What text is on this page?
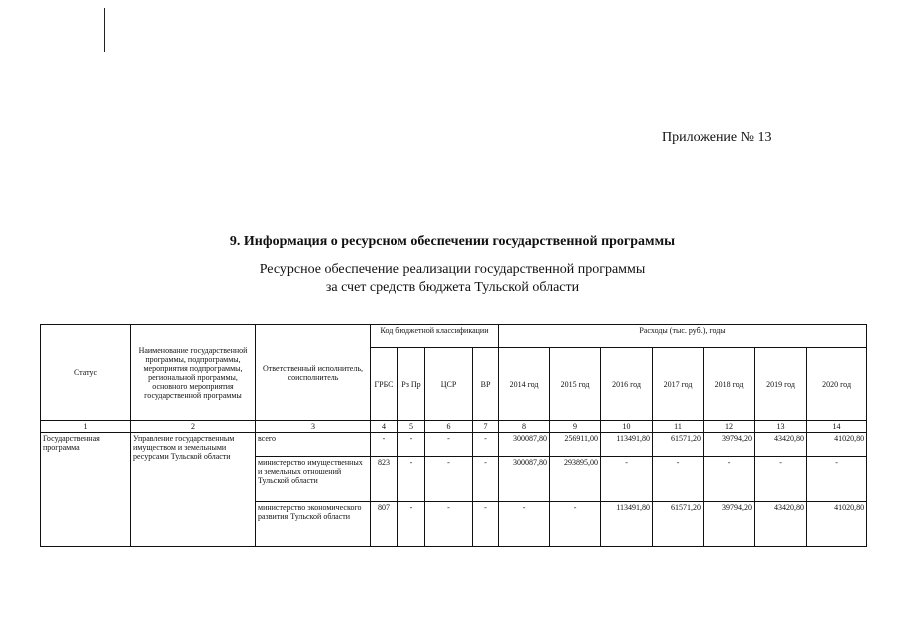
Приложение № 13
9. Информация о ресурсном обеспечении государственной программы
Ресурсное обеспечение реализации государственной программы
за счет средств бюджета Тульской области
Статус	Наименование государственной программы, подпрограммы, мероприятия подпрограммы, региональной программы, основного мероприятия государственной программы	Ответственный исполнитель, соисполнитель	Код бюджетной классификации				Расходы (тыс. руб.), годы						
			ГРБС	Рз Пр	ЦСР	ВР	2014 год	2015 год	2016 год	2017 год	2018 год	2019 год	2020 год
1	2	3	4	5	6	7	8	9	10	11	12	13	14
Государственная программа	Управление государственным имуществом и земельными ресурсами Тульской области	всего	-	-	-	-	300087,80	256911,00	113491,80	61571,20	39794,20	43420,80	41020,80
		министерство имущественных и земельных отношений Тульской области	823	-	-	-	300087,80	293895,00	-	-	-	-	-
		министерство экономического развития Тульской области	807	-	-	-	-	-	113491,80	61571,20	39794,20	43420,80	41020,80
